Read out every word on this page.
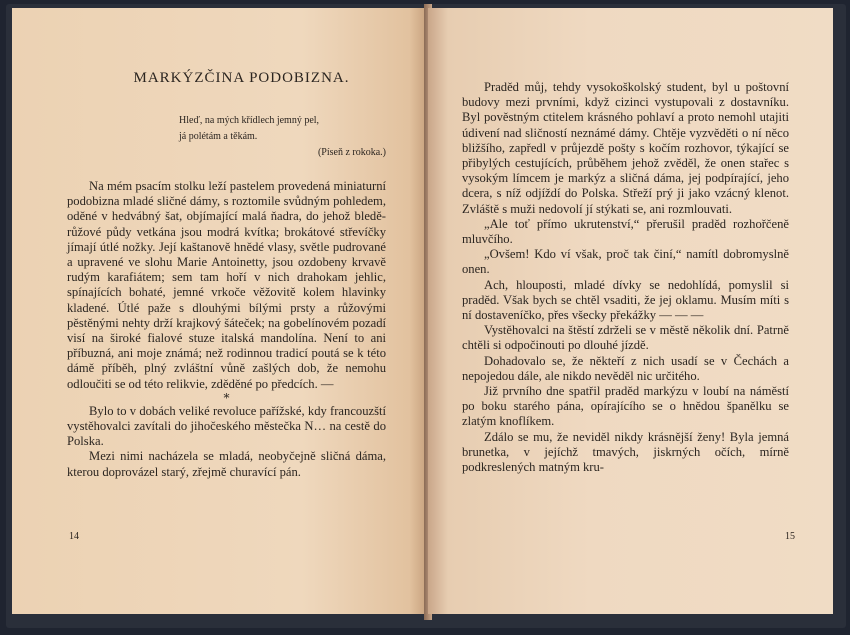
MARKÝZČINA PODOBIZNA.
Hleď, na mých křídlech jemný pel,
já polétám a těkám.
(Píseň z rokoka.)

Na mém psacím stolku leží pastelem provedená miniaturní podobizna mladé sličné dámy, s roztomile svůdným pohledem, oděné v hedvábný šat, objímající malá ňadra, do jehož bledě-růžové půdy vetkána jsou modrá kvítka; brokátové střevíčky jímají útlé nožky. Její kaštanově hnědé vlasy, světle pudrované a upravené ve slohu Marie Antoinetty, jsou ozdobeny krvavě rudým karafiátem; sem tam hoří v nich drahokam jehlic, spínajících bohaté, jemné vrkoče věžovitě kolem hlavinky kladené. Útlé paže s dlouhými bílými prsty a růžovými pěstěnými nehty drží krajkový šáteček; na gobelínovém pozadí visí na široké fialové stuze italská mandolína. Není to ani příbuzná, ani moje známá; než rodinnou tradicí poutá se k této dámě příběh, plný zvláštní vůně zašlých dob, že nemohu odloučiti se od této relikvie, zděděné po předcích. —

*

Bylo to v dobách veliké revoluce pařížské, kdy francouzští vystěhovalci zavítali do jihočeského městečka N… na cestě do Polska.

Mezi nimi nacházela se mladá, neobyčejně sličná dáma, kterou doprovázel starý, zřejmě churavící pán.

14

Praděd můj, tehdy vysokoškolský student, byl u poštovní budovy mezi prvními, když cizinci vystupovali z dostavníku. Byl pověstným ctitelem krásného pohlaví a proto nemohl utajiti údivení nad sličností neznámé dámy. Chtěje vyzvěděti o ní něco bližšího, zapředl v průjezdě pošty s kočím rozhovor, týkající se přibylých cestujících, průběhem jehož zvěděl, že onen stařec s vysokým límcem je markýz a sličná dáma, jej podpírající, jeho dcera, s níž odjíždí do Polska. Střeží prý ji jako vzácný klenot. Zvláště s muži nedovolí jí stýkati se, ani rozmlouvati.

„Ale toť přímo ukrutenství,“ přerušil praděd rozhořčeně mluvčího.

„Ovšem! Kdo ví však, proč tak činí,“ namítl dobromyslně onen.

Ach, hlouposti, mladé dívky se nedohlídá, pomyslil si praděd. Však bych se chtěl vsaditi, že jej oklamu. Musím míti s ní dostaveníčko, přes všecky překážky — — —

Vystěhovalci na štěstí zdrželi se v městě několik dní. Patrně chtěli si odpočinouti po dlouhé jízdě.

Dohadovalo se, že někteří z nich usadí se v Čechách a nepojedou dále, ale nikdo nevěděl nic určitého.

Již prvního dne spatřil praděd markýzu v loubí na náměstí po boku starého pána, opírajícího se o hnědou španělku se zlatým knoflíkem.

Zdálo se mu, že neviděl nikdy krásnější ženy! Byla jemná brunetka, v jejíchž tmavých, jiskrných očích, mírně podkreslených matným kru-

15
